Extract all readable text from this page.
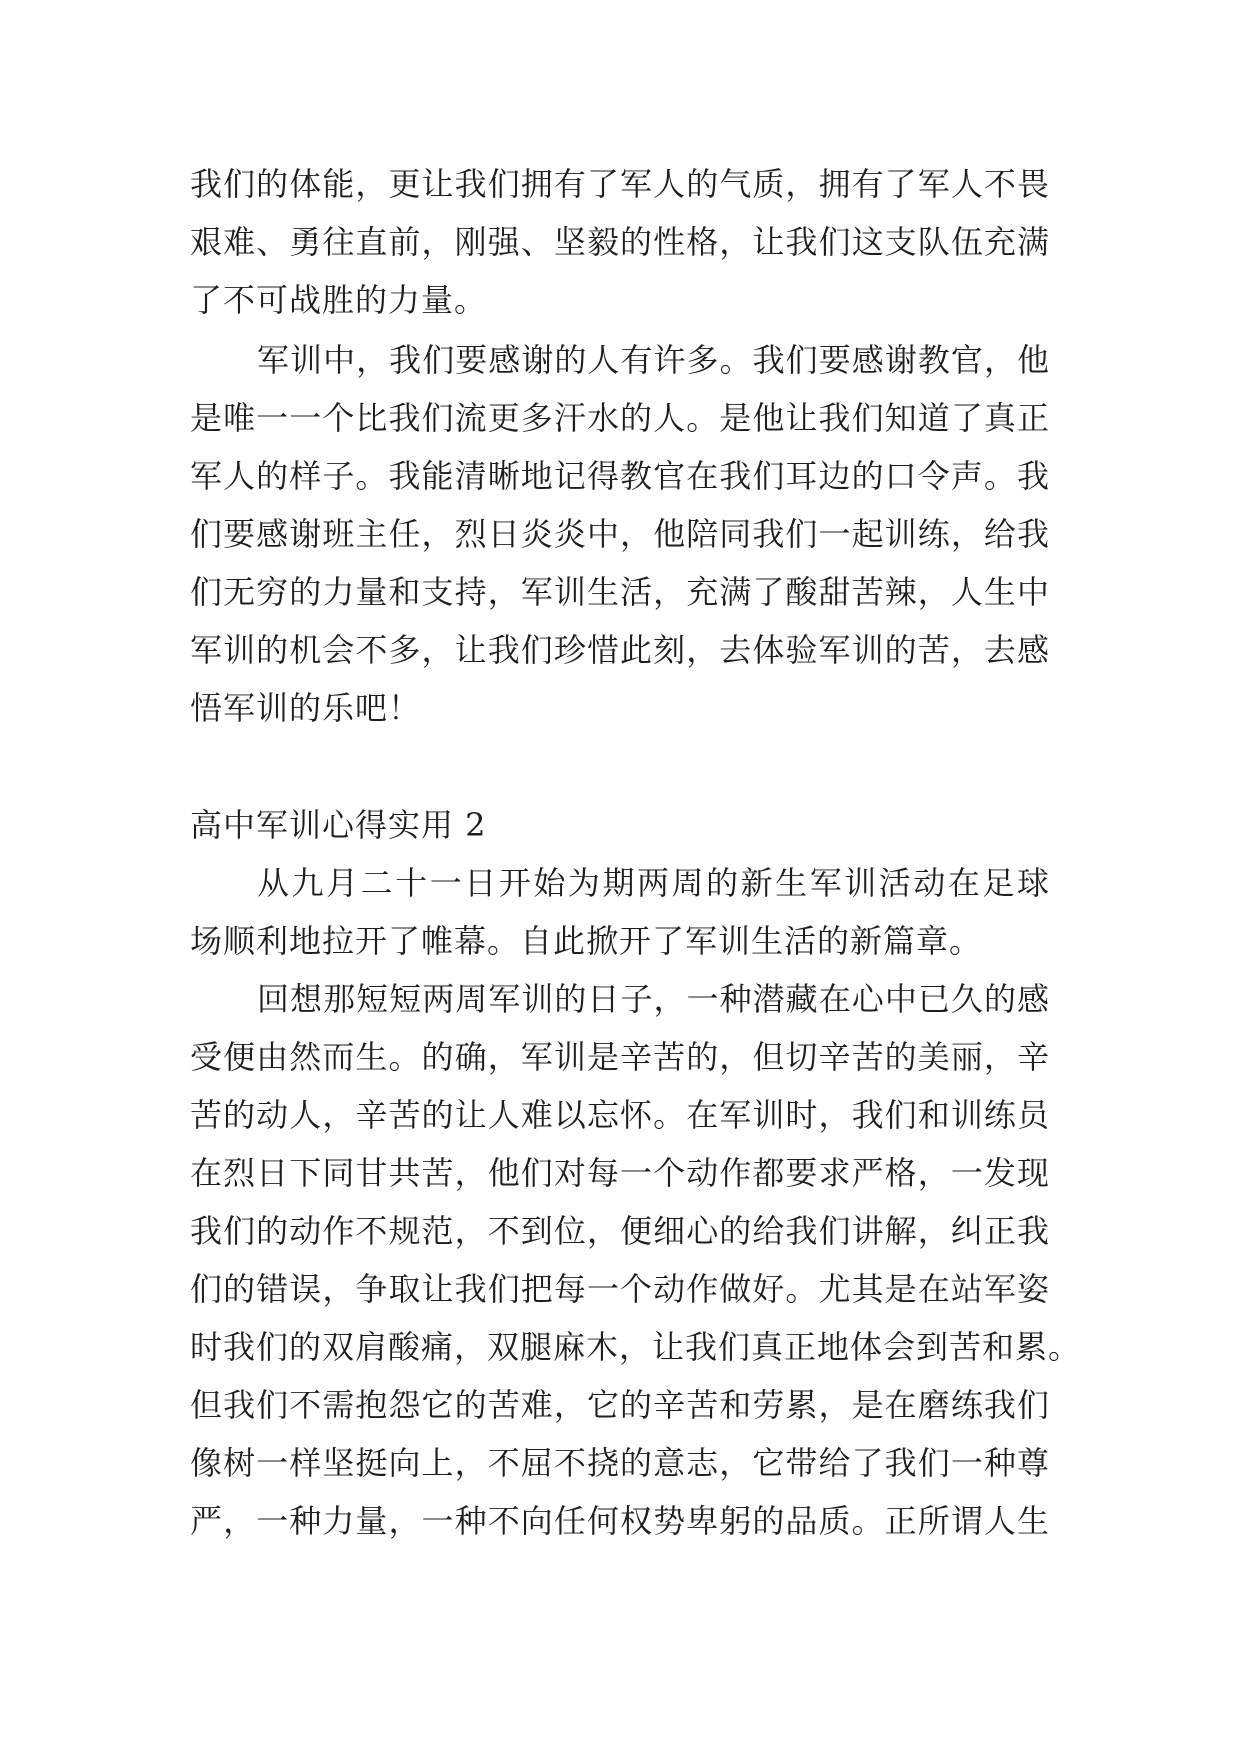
我们的体能，更让我们拥有了军人的气质，拥有了军人不畏
艰难、勇往直前，刚强、坚毅的性格，让我们这支队伍充满
了不可战胜的力量。
军训中，我们要感谢的人有许多。我们要感谢教官，他
是唯一一个比我们流更多汗水的人。是他让我们知道了真正
军人的样子。我能清晰地记得教官在我们耳边的口令声。我
们要感谢班主任，烈日炎炎中，他陪同我们一起训练，给我
们无穷的力量和支持，军训生活，充满了酸甜苦辣，人生中
军训的机会不多，让我们珍惜此刻，去体验军训的苦，去感
悟军训的乐吧！
高中军训心得实用 2
从九月二十一日开始为期两周的新生军训活动在足球
场顺利地拉开了帷幕。自此掀开了军训生活的新篇章。
回想那短短两周军训的日子，一种潜藏在心中已久的感
受便由然而生。的确，军训是辛苦的，但切辛苦的美丽，辛
苦的动人，辛苦的让人难以忘怀。在军训时，我们和训练员
在烈日下同甘共苦，他们对每一个动作都要求严格，一发现
我们的动作不规范，不到位，便细心的给我们讲解，纠正我
们的错误，争取让我们把每一个动作做好。尤其是在站军姿
时我们的双肩酸痛，双腿麻木，让我们真正地体会到苦和累。
但我们不需抱怨它的苦难，它的辛苦和劳累，是在磨练我们
像树一样坚挺向上，不屈不挠的意志，它带给了我们一种尊
严，一种力量，一种不向任何权势卑躬的品质。正所谓人生
